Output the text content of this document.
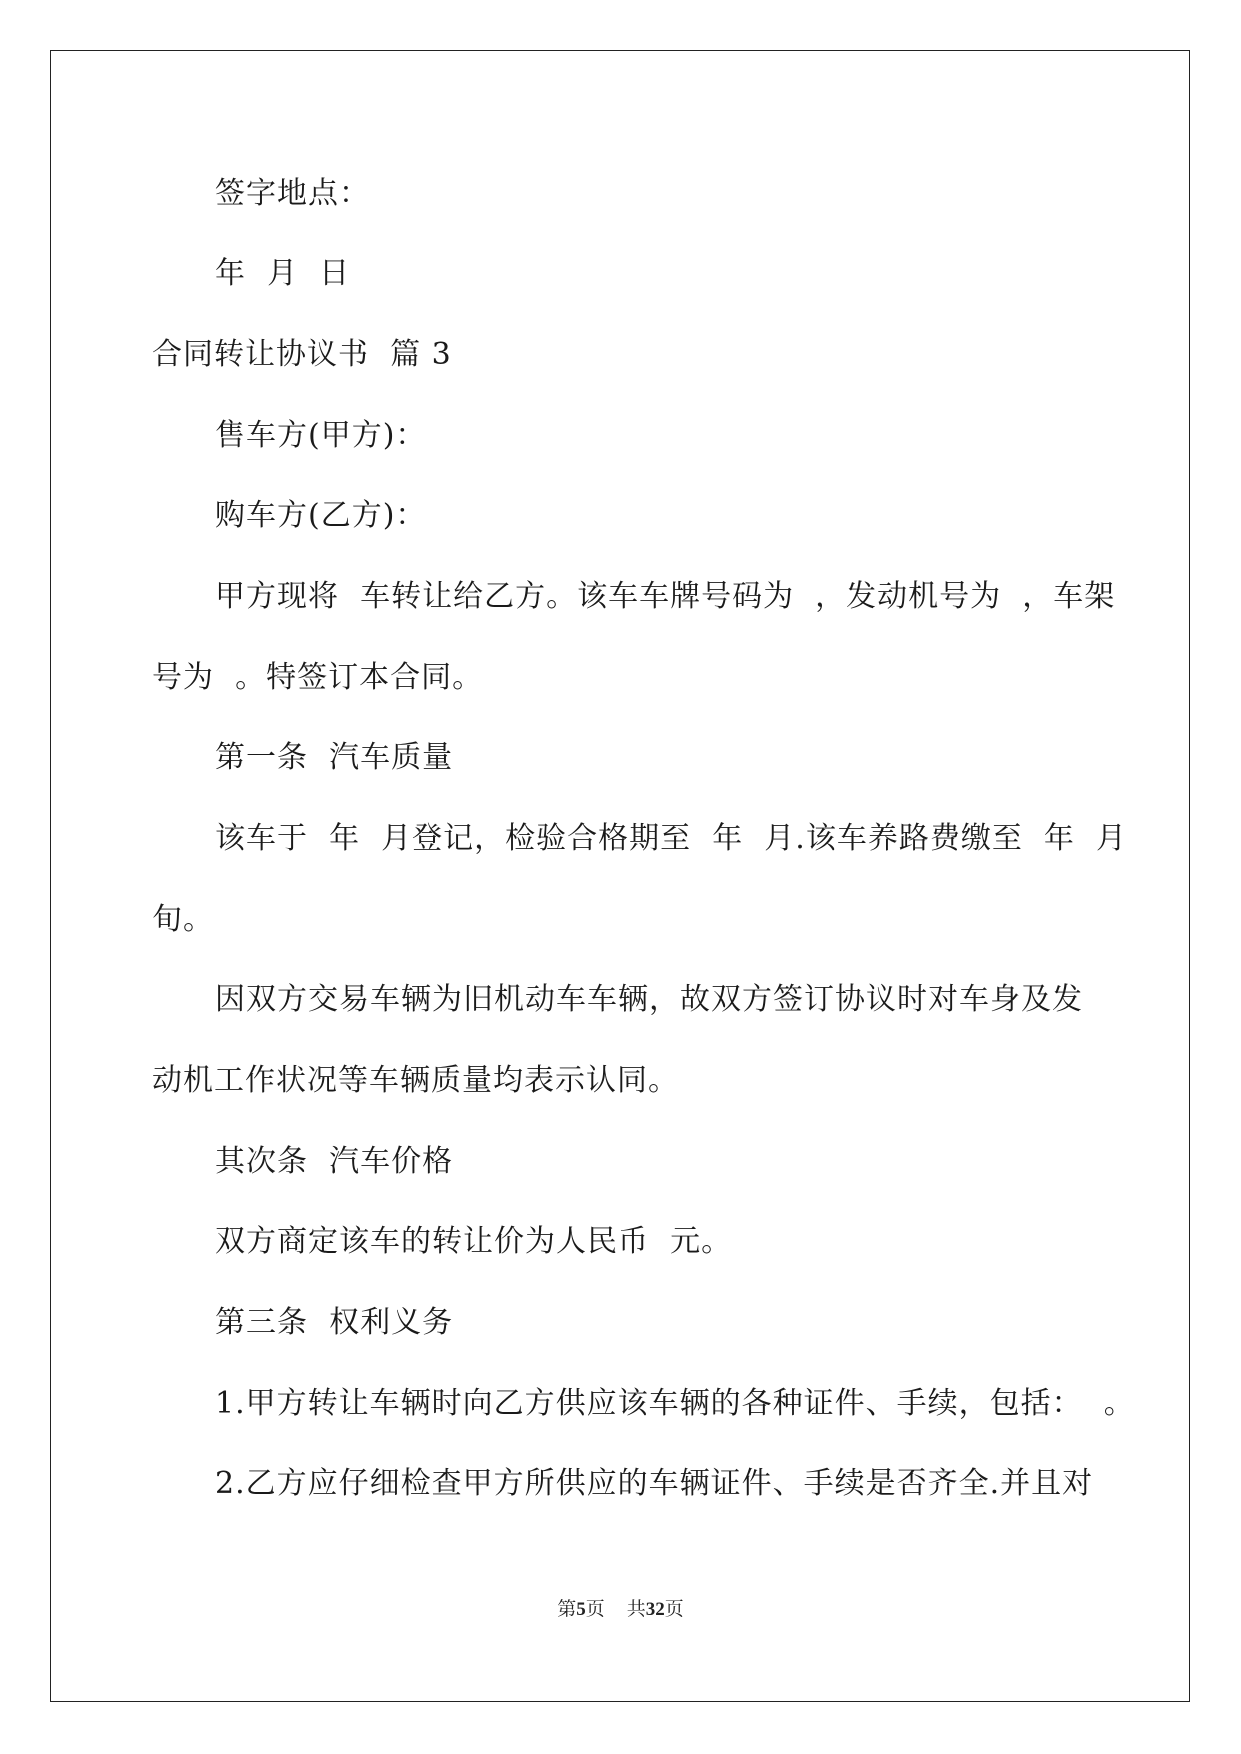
签字地点：
年  月  日
合同转让协议书  篇 3
售车方(甲方)：
购车方(乙方)：
甲方现将  车转让给乙方。该车车牌号码为  ，发动机号为  ，车架
号为  。特签订本合同。
第一条  汽车质量
该车于  年  月登记，检验合格期至  年  月.该车养路费缴至  年  月
旬。
因双方交易车辆为旧机动车车辆，故双方签订协议时对车身及发
动机工作状况等车辆质量均表示认同。
其次条  汽车价格
双方商定该车的转让价为人民币  元。
第三条  权利义务
1.甲方转让车辆时向乙方供应该车辆的各种证件、手续，包括：  。
2.乙方应仔细检查甲方所供应的车辆证件、手续是否齐全.并且对
第5页 共32页
